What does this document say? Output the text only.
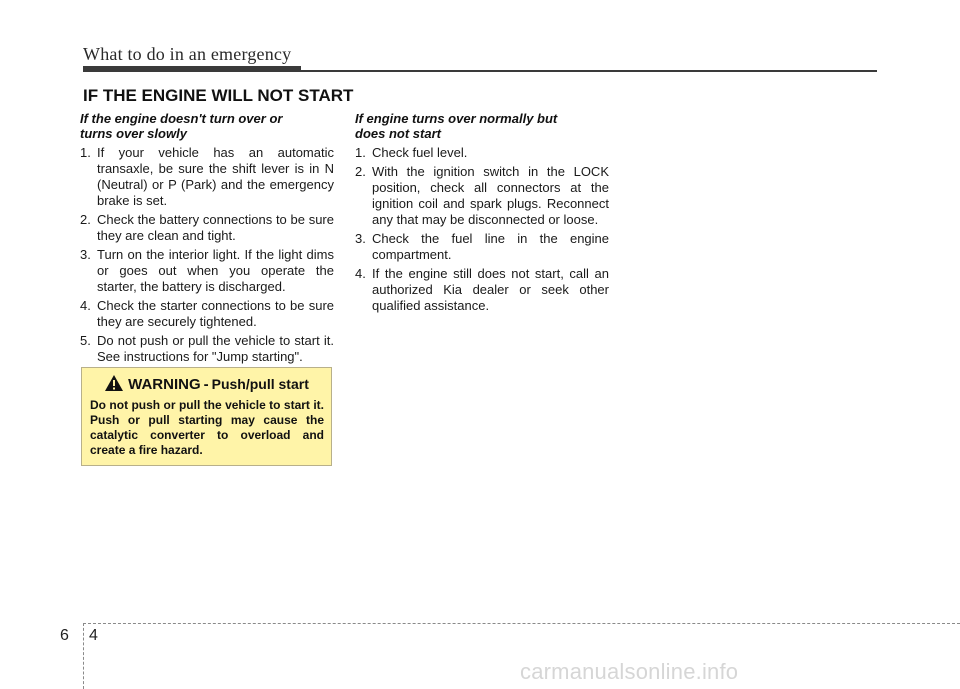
What to do in an emergency
IF THE ENGINE WILL NOT START

If the engine doesn't turn over or
turns over slowly

1. If your vehicle has an automatic transaxle, be sure the shift lever is in N (Neutral) or P (Park) and the emergency brake is set.
2. Check the battery connections to be sure they are clean and tight.
3. Turn on the interior light. If the light dims or goes out when you operate the starter, the battery is discharged.
4. Check the starter connections to be sure they are securely tightened.
5. Do not push or pull the vehicle to start it. See instructions for "Jump starting".

If engine turns over normally but
does not start

1. Check fuel level.
2. With the ignition switch in the LOCK position, check all connectors at the ignition coil and spark plugs. Reconnect any that may be disconnected or loose.
3. Check the fuel line in the engine compartment.
4. If the engine still does not start, call an authorized Kia dealer or seek other qualified assistance.
WARNING - Push/pull start
Do not push or pull the vehicle to start it. Push or pull starting may cause the catalytic converter to overload and create a fire hazard.
6 4
carmanualsonline.info
